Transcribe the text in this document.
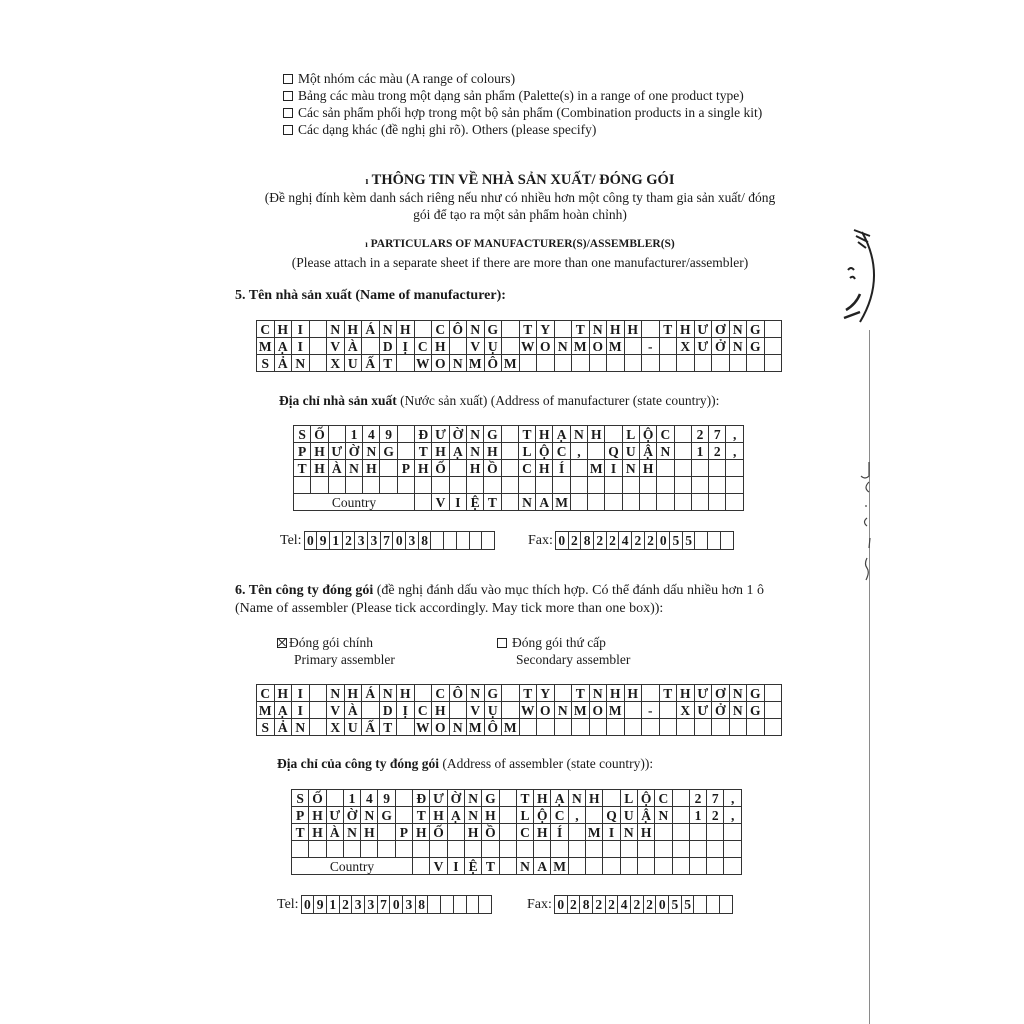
Một nhóm các màu (A range of colours)
Bảng các màu trong một dạng sản phẩm (Palette(s) in a range of one product type)
Các sản phẩm phối hợp trong một bộ sản phẩm (Combination products in a single kit)
Các dạng khác (đề nghị ghi rõ). Others (please specify)
ı THÔNG TIN VỀ NHÀ SẢN XUẤT/ ĐÓNG GÓI
(Đề nghị đính kèm danh sách riêng nếu như có nhiều hơn một công ty tham gia sản xuất/ đóng
gói để tạo ra một sản phẩm hoàn chỉnh)
ı PARTICULARS OF MANUFACTURER(S)/ASSEMBLER(S)
(Please attach in a separate sheet if there are more than one manufacturer/assembler)
5. Tên nhà sản xuất (Name of manufacturer):
C	H	I		N	H	Á	N	H		C	Ô	N	G		T	Y		T	N	H	H		T	H	Ư	Ơ	N	G	
M	Ạ	I		V	À		D	Ị	C	H		V	Ụ		W	O	N	M	O	M		-		X	Ư	Ở	N	G	
S	Ả	N		X	U	Ấ	T		W	O	N	M	Ô	M															
Địa chỉ nhà sản xuất (Nước sản xuất) (Address of manufacturer (state country)):
S	Ố		1	4	9		Đ	Ư	Ờ	N	G		T	H	Ạ	N	H		L	Ộ	C		2	7	,
P	H	Ư	Ờ	N	G		T	H	Ạ	N	H		L	Ộ	C	,		Q	U	Ậ	N		1	2	,
T	H	À	N	H		P	H	Ố		H	Ồ		C	H	Í		M	I	N	H					

Country								V	I	Ệ	T		N	A	M										
Tel: 0 9 1 2 3 3 7 0 3 8	Fax: 0 2 8 2 2 4 2 2 0 5 5
6. Tên công ty đóng gói (đề nghị đánh dấu vào mục thích hợp. Có thể đánh dấu nhiều hơn 1 ô
(Name of assembler (Please tick accordingly. May tick more than one box)):
Đóng gói chính
Primary assembler
Đóng gói thứ cấp
Secondary assembler
C	H	I		N	H	Á	N	H		C	Ô	N	G		T	Y		T	N	H	H		T	H	Ư	Ơ	N	G	
M	Ạ	I		V	À		D	Ị	C	H		V	Ụ		W	O	N	M	O	M		-		X	Ư	Ở	N	G	
S	Ả	N		X	U	Ấ	T		W	O	N	M	Ô	M															
Địa chỉ của công ty đóng gói (Address of assembler (state country)):
S	Ố		1	4	9		Đ	Ư	Ờ	N	G		T	H	Ạ	N	H		L	Ộ	C		2	7	,
P	H	Ư	Ờ	N	G		T	H	Ạ	N	H		L	Ộ	C	,		Q	U	Ậ	N		1	2	,
T	H	À	N	H		P	H	Ố		H	Ồ		C	H	Í		M	I	N	H					

Country								V	I	Ệ	T		N	A	M										
Tel: 0 9 1 2 3 3 7 0 3 8	Fax: 0 2 8 2 2 4 2 2 0 5 5
